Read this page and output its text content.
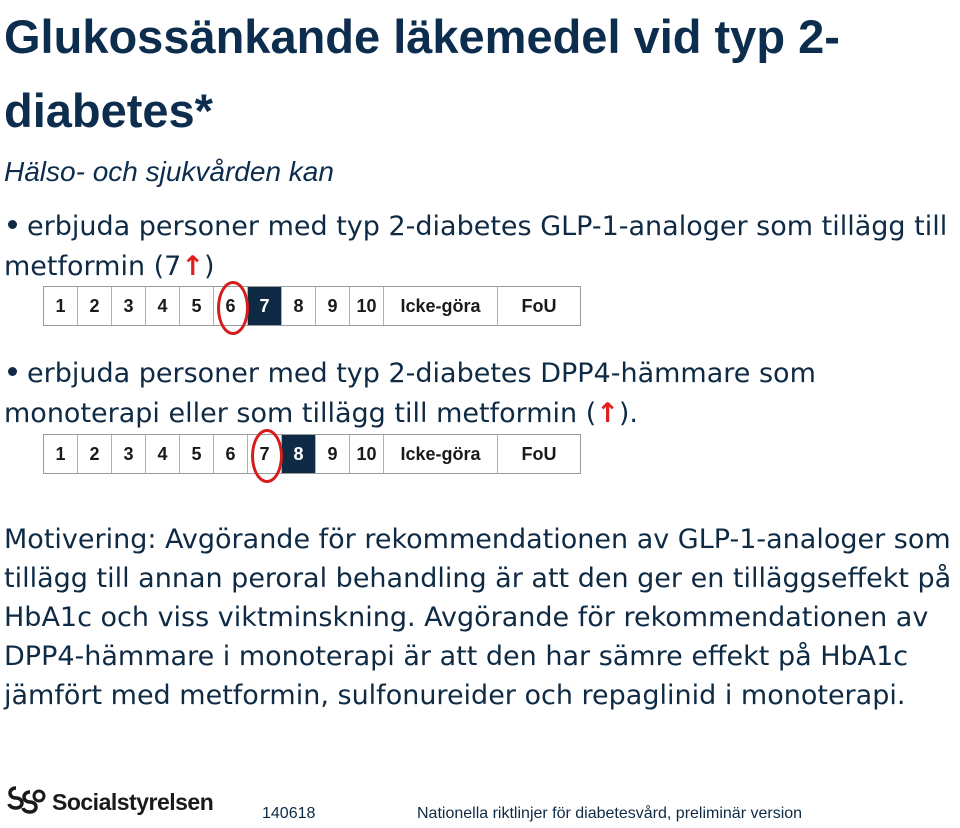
Glukossänkande läkemedel vid typ 2-diabetes*
Hälso- och sjukvården kan
erbjuda personer med typ 2-diabetes GLP-1-analoger som tillägg till metformin (7↑)
1	2	3	4	5	6	7	8	9	10	Icke-göra	FoU
erbjuda personer med typ 2-diabetes DPP4-hämmare som monoterapi eller som tillägg till metformin (↑).
1	2	3	4	5	6	7	8	9	10	Icke-göra	FoU

Motivering: Avgörande för rekommendationen av GLP-1-analoger som tillägg till annan peroral behandling är att den ger en tilläggseffekt på HbA1c och viss viktminskning. Avgörande för rekommendationen av DPP4-hämmare i monoterapi är att den har sämre effekt på HbA1c jämfört med metformin, sulfonureider och repaglinid i monoterapi.

Socialstyrelsen	140618	Nationella riktlinjer för diabetesvård, preliminär version
